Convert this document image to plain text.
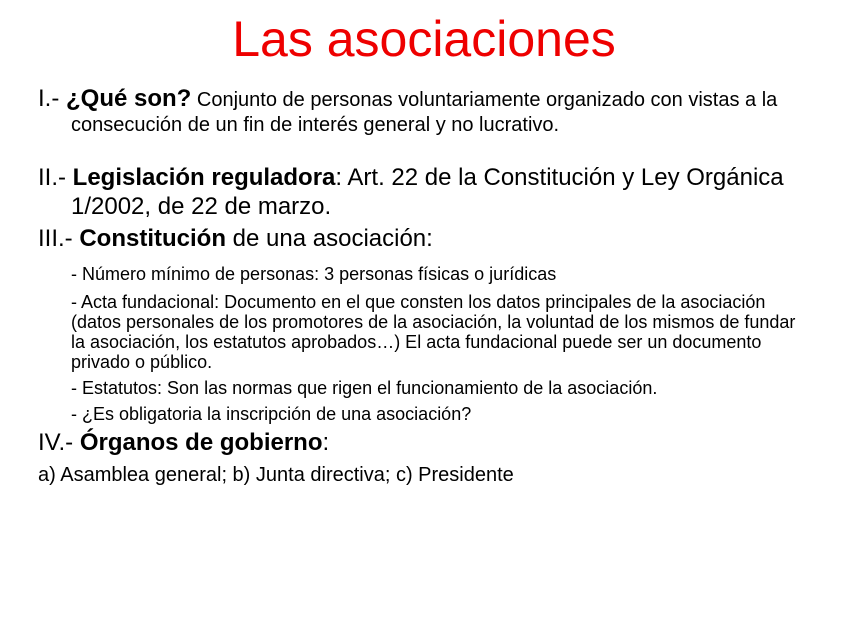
Las asociaciones
I.- ¿Qué son? Conjunto de personas voluntariamente organizado con vistas a la consecución de un fin de interés general y no lucrativo.
II.- Legislación reguladora: Art. 22 de la Constitución y Ley Orgánica 1/2002, de 22 de marzo.
III.- Constitución de una asociación:
- Número mínimo de personas: 3 personas físicas o jurídicas
- Acta fundacional: Documento en el que consten los datos principales de la asociación (datos personales de los promotores de la asociación, la voluntad de los mismos de fundar la asociación, los estatutos aprobados…) El acta fundacional puede ser un documento privado o público.
- Estatutos: Son las normas que rigen el funcionamiento de la asociación.
- ¿Es obligatoria la inscripción de una asociación?
IV.- Órganos de gobierno:
a) Asamblea general; b) Junta directiva; c) Presidente
